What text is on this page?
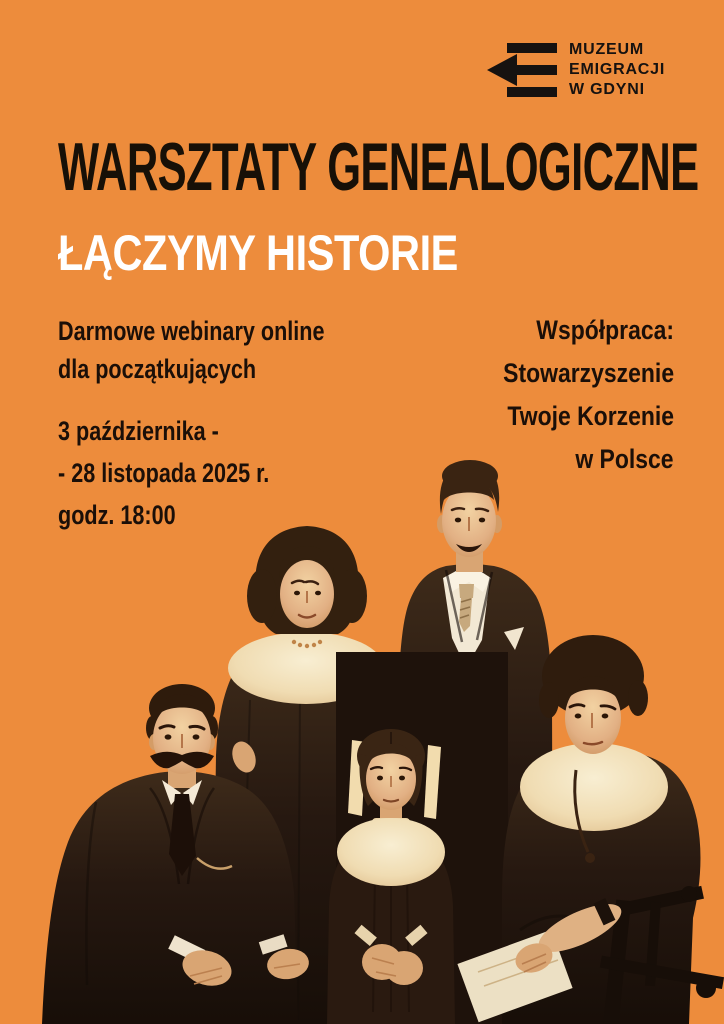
MUZEUM
EMIGRACJI
W GDYNI
WARSZTATY GENEALOGICZNE
ŁĄCZYMY HISTORIE
Darmowe webinary online
dla początkujących
3 października -
- 28 listopada 2025 r.
godz. 18:00
Współpraca:
Stowarzyszenie
Twoje Korzenie
w Polsce
